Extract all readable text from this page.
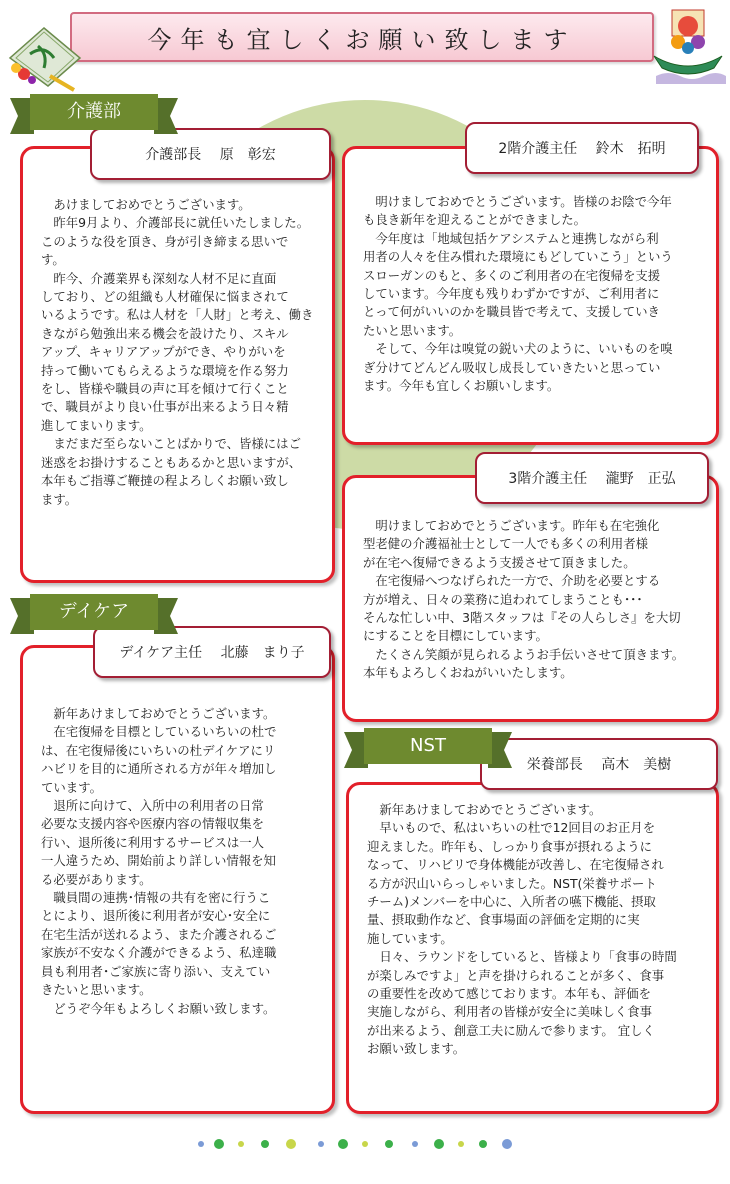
今年も宜しくお願い致します
　あけましておめでとうございます。
　昨年9月より、介護部長に就任いたしました。
このような役を頂き、身が引き締まる思いで
す。
　昨今、介護業界も深刻な人材不足に直面
しており、どの組織も人材確保に悩まされて
いるようです。私は人材を「人財」と考え、働き
きながら勉強出来る機会を設けたり、スキル
アップ、キャリアアップができ、やりがいを
持って働いてもらえるような環境を作る努力
をし、皆様や職員の声に耳を傾けて行くこと
で、職員がより良い仕事が出来るよう日々精
進してまいります。
　まだまだ至らないことばかりで、皆様にはご
迷惑をお掛けすることもあるかと思いますが、
本年もご指導ご鞭撻の程よろしくお願い致し
ます。
介護部長　 原　彰宏
介護部
　明けましておめでとうございます。皆様のお陰で今年
も良き新年を迎えることができました。
　今年度は「地域包括ケアシステムと連携しながら利
用者の人々を住み慣れた環境にもどしていこう」という
スローガンのもと、多くのご利用者の在宅復帰を支援
しています。今年度も残りわずかですが、ご利用者に
とって何がいいのかを職員皆で考えて、支援していき
たいと思います。
　そして、今年は嗅覚の鋭い犬のように、いいものを嗅
ぎ分けてどんどん吸収し成長していきたいと思ってい
ます。今年も宜しくお願いします。
2階介護主任　 鈴木　拓明
　明けましておめでとうございます。昨年も在宅強化
型老健の介護福祉士として一人でも多くの利用者様
が在宅へ復帰できるよう支援させて頂きました。
　在宅復帰へつなげられた一方で、介助を必要とする
方が増え、日々の業務に追われてしまうことも･･･
そんな忙しい中、3階スタッフは『その人らしさ』を大切
にすることを目標にしています。
　たくさん笑顔が見られるようお手伝いさせて頂きます。
本年もよろしくおねがいいたします。
3階介護主任　 瀧野　正弘
　新年あけましておめでとうございます。
　在宅復帰を目標としているいちいの杜で
は、在宅復帰後にいちいの杜デイケアにリ
ハビリを目的に通所される方が年々増加し
ています。
　退所に向けて、入所中の利用者の日常
必要な支援内容や医療内容の情報収集を
行い、退所後に利用するサービスは一人
一人違うため、開始前より詳しい情報を知
る必要があります。
　職員間の連携･情報の共有を密に行うこ
とにより、退所後に利用者が安心･安全に
在宅生活が送れるよう、また介護されるご
家族が不安なく介護ができるよう、私達職
員も利用者･ご家族に寄り添い、支えてい
きたいと思います。
　どうぞ今年もよろしくお願い致します。
デイケア主任　 北藤　まり子
デイケア
　新年あけましておめでとうございます。
　早いもので、私はいちいの杜で12回目のお正月を
迎えました。昨年も、しっかり食事が摂れるように
なって、リハビリで身体機能が改善し、在宅復帰され
る方が沢山いらっしゃいました。NST(栄養サポート
チーム)メンバーを中心に、入所者の嚥下機能、摂取
量、摂取動作など、食事場面の評価を定期的に実
施しています。
　日々、ラウンドをしていると、皆様より「食事の時間
が楽しみですよ」と声を掛けられることが多く、食事
の重要性を改めて感じております。本年も、評価を
実施しながら、利用者の皆様が安全に美味しく食事
が出来るよう、創意工夫に励んで参ります。 宜しく
お願い致します。
栄養部長　 高木　美樹
NST
